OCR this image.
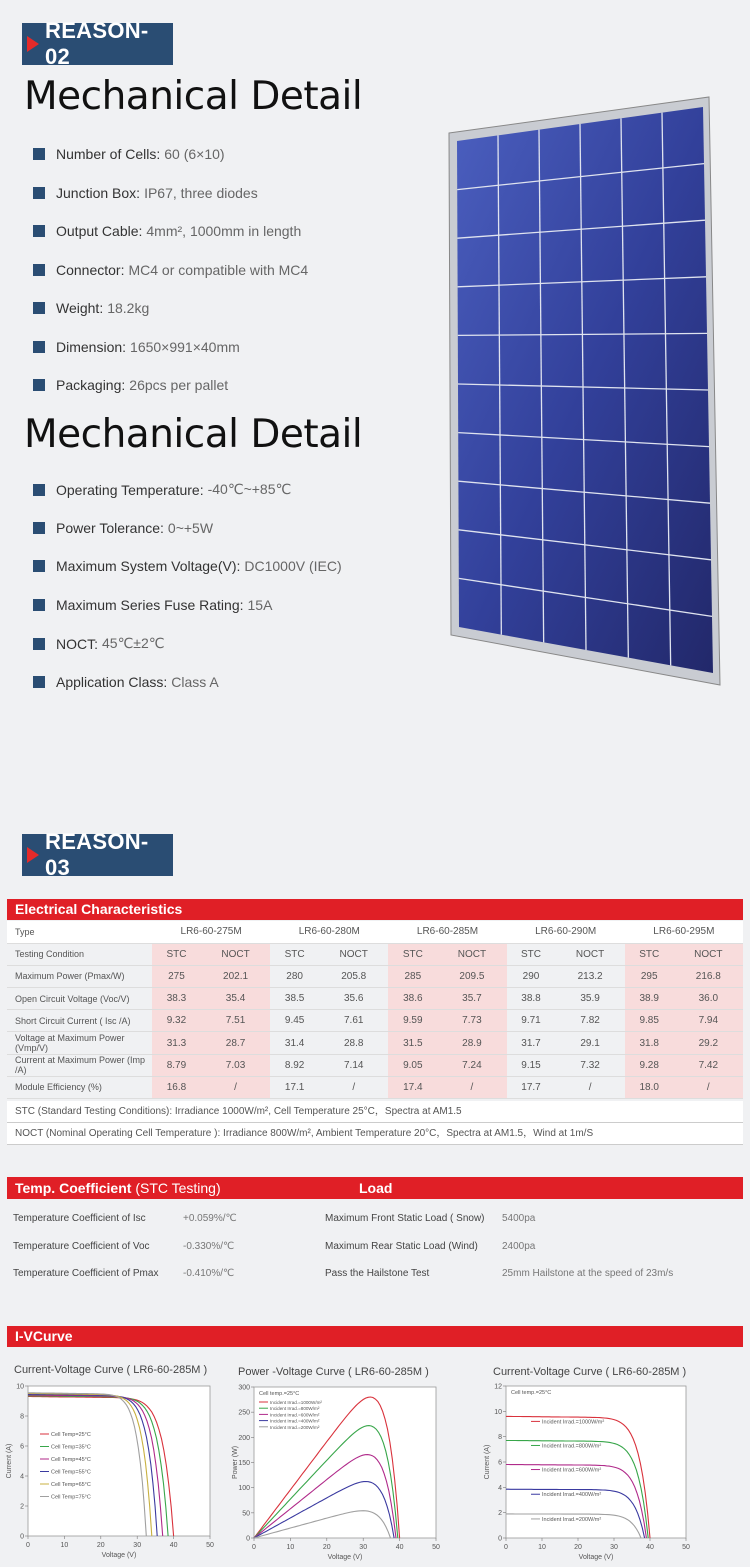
REASON- 02
Mechanical Detail
Number of Cells: 60 (6×10)
Junction Box: IP67, three diodes
Output Cable: 4mm², 1000mm in length
Connector: MC4 or compatible with MC4
Weight: 18.2kg
Dimension: 1650×991×40mm
Packaging: 26pcs per pallet
Mechanical Detail
Operating Temperature: -40℃~+85℃
Power Tolerance: 0~+5W
Maximum System Voltage(V): DC1000V (IEC)
Maximum Series Fuse Rating: 15A
NOCT: 45℃±2℃
Application Class: Class A
REASON- 03
Electrical Characteristics
Type	LR6-60-275M		LR6-60-280M		LR6-60-285M		LR6-60-290M		LR6-60-295M	
Testing Condition	STC	NOCT	STC	NOCT	STC	NOCT	STC	NOCT	STC	NOCT
Maximum Power (Pmax/W)	275	202.1	280	205.8	285	209.5	290	213.2	295	216.8
Open Circuit Voltage (Voc/V)	38.3	35.4	38.5	35.6	38.6	35.7	38.8	35.9	38.9	36.0
Short Circuit Current ( Isc /A)	9.32	7.51	9.45	7.61	9.59	7.73	9.71	7.82	9.85	7.94
Voltage at Maximum Power (Vmp/V)	31.3	28.7	31.4	28.8	31.5	28.9	31.7	29.1	31.8	29.2
Current at Maximum Power (Imp /A)	8.79	7.03	8.92	7.14	9.05	7.24	9.15	7.32	9.28	7.42
Module Efficiency (%)	16.8	/	17.1	/	17.4	/	17.7	/	18.0	/
STC (Standard Testing Conditions): Irradiance 1000W/m², Cell Temperature 25°C，Spectra at AM1.5
NOCT (Nominal Operating Cell Temperature ): Irradiance 800W/m², Ambient Temperature 20°C，Spectra at AM1.5，Wind at 1m/S
Temp. Coefficient (STC Testing)	Load
Temperature Coefficient of Isc	+0.059%/℃	Maximum Front Static Load ( Snow) 5400pa
Temperature Coefficient of Voc	-0.330%/℃	Maximum Rear Static Load (Wind) 2400pa
Temperature Coefficient of Pmax -0.410%/℃	Pass the Hailstone Test	25mm Hailstone at the speed of 23m/s
I-VCurve
Current-Voltage Curve ( LR6-60-285M )	Power -Voltage Curve ( LR6-60-285M )	Current-Voltage Curve ( LR6-60-285M )
0	10	20	30	40	50
0
2
4
6
8
10
Voltage (V)
Current (A)
Cell Temp=25°C
Cell Temp=35°C
Cell Temp=45°C
Cell Temp=55°C
Cell Temp=65°C
Cell Temp=75°C
0	10	20	30	40	50
0
50
100
150
200
250
300
Voltage (V)
Power (W)
Cell temp.=25°C
Incident Irrad.=1000W/m²
Incident Irrad.=800W/m²
Incident Irrad.=600W/m²
Incident Irrad.=400W/m²
Incident Irrad.=200W/m²
0	10	20	30	40	50
0
2
4
6
8
10
12
Voltage (V)
Current (A)
Cell temp.=25°C
Incident Irrad.=1000W/m²
Incident Irrad.=800W/m²
Incident Irrad.=600W/m²
Incident Irrad.=400W/m²
Incident Irrad.=200W/m²
